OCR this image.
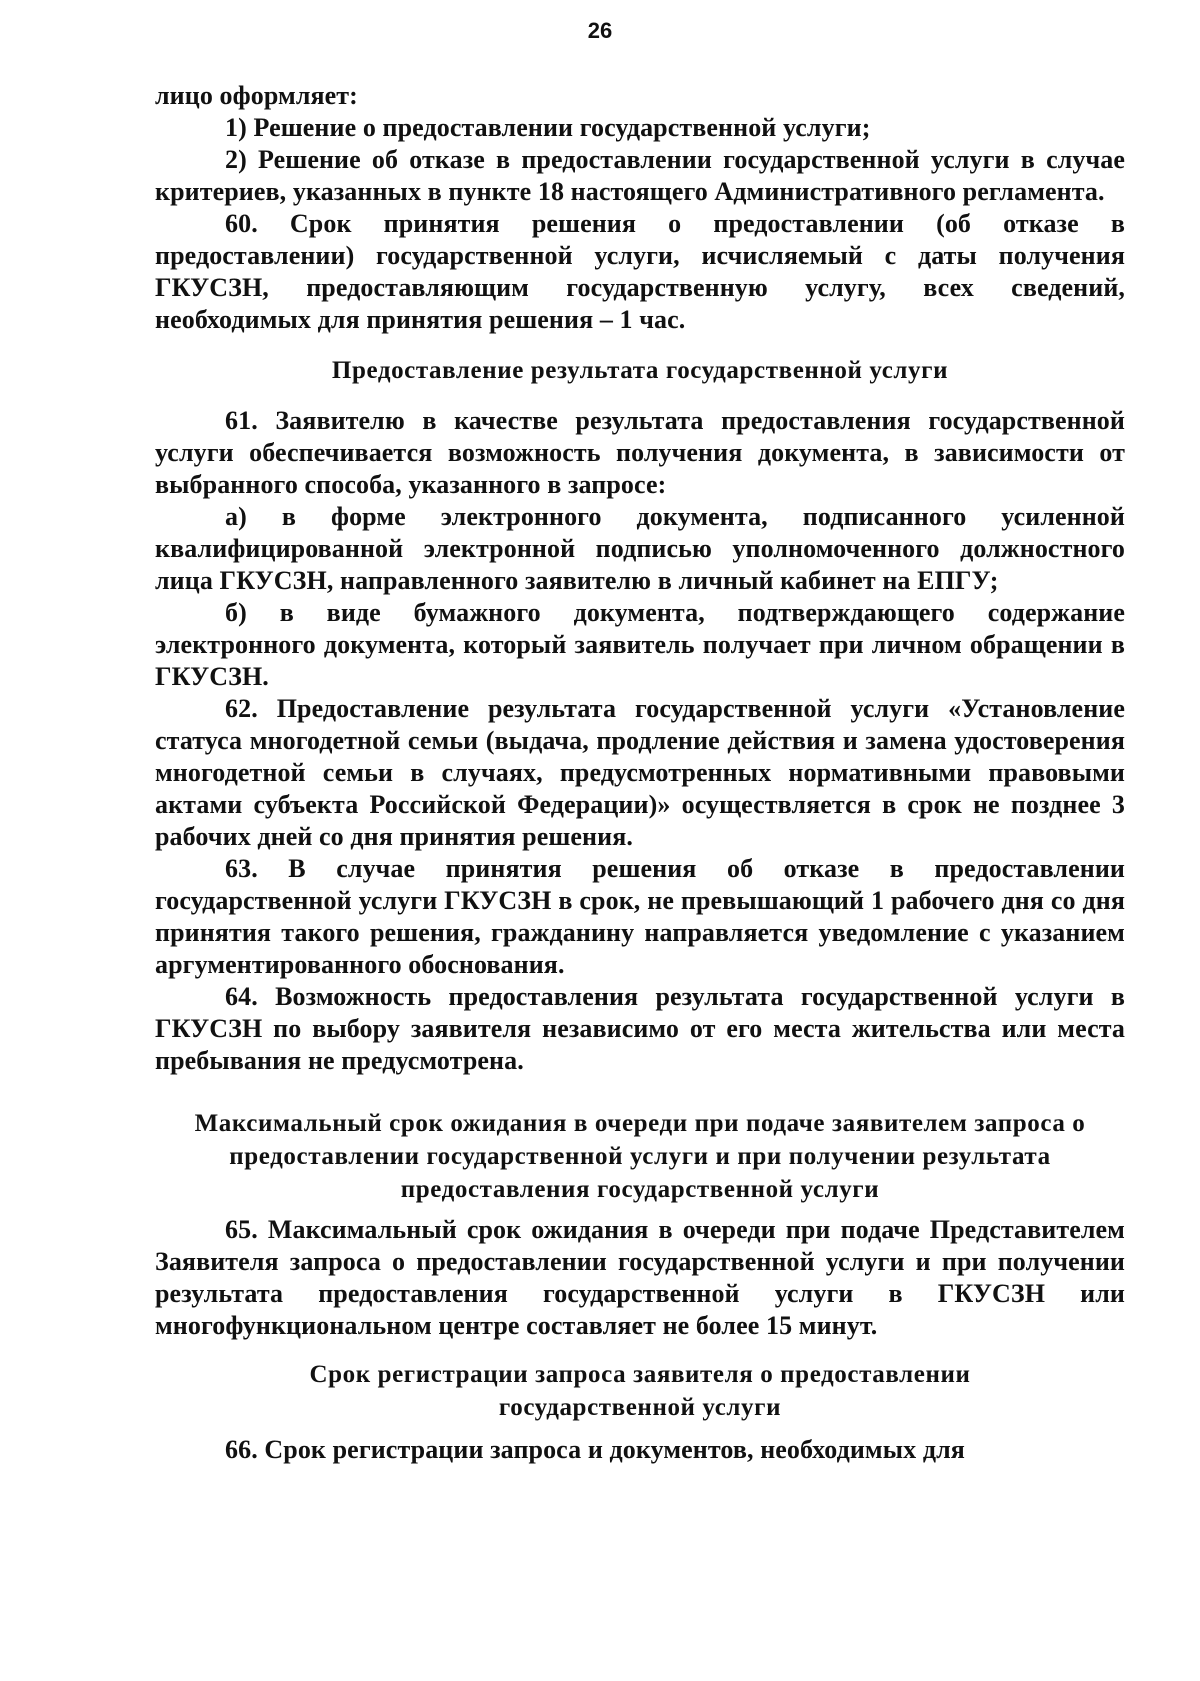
26

лицо оформляет:

1) Решение о предоставлении государственной услуги;

2) Решение об отказе в предоставлении государственной услуги в случае критериев, указанных в пункте 18 настоящего Административного регламента.

60. Срок принятия решения о предоставлении (об отказе в предоставлении) государственной услуги, исчисляемый с даты получения ГКУСЗН, предоставляющим государственную услугу, всех сведений, необходимых для принятия решения – 1 час.

Предоставление результата государственной услуги

61. Заявителю в качестве результата предоставления государственной услуги обеспечивается возможность получения документа, в зависимости от выбранного способа, указанного в запросе:

а) в форме электронного документа, подписанного усиленной квалифицированной электронной подписью уполномоченного должностного лица ГКУСЗН, направленного заявителю в личный кабинет на ЕПГУ;

б) в виде бумажного документа, подтверждающего содержание электронного документа, который заявитель получает при личном обращении в ГКУСЗН.

62. Предоставление результата государственной услуги «Установление статуса многодетной семьи (выдача, продление действия и замена удостоверения многодетной семьи в случаях, предусмотренных нормативными правовыми актами субъекта Российской Федерации)» осуществляется в срок не позднее 3 рабочих дней со дня принятия решения.

63. В случае принятия решения об отказе в предоставлении государственной услуги ГКУСЗН в срок, не превышающий 1 рабочего дня со дня принятия такого решения, гражданину направляется уведомление с указанием аргументированного обоснования.

64. Возможность предоставления результата государственной услуги в ГКУСЗН по выбору заявителя независимо от его места жительства или места пребывания не предусмотрена.

Максимальный срок ожидания в очереди при подаче заявителем запроса о предоставлении государственной услуги и при получении результата предоставления государственной услуги

65. Максимальный срок ожидания в очереди при подаче Представителем Заявителя запроса о предоставлении государственной услуги и при получении результата предоставления государственной услуги в ГКУСЗН или многофункциональном центре составляет не более 15 минут.

Срок регистрации запроса заявителя о предоставлении государственной услуги

66. Срок регистрации запроса и документов, необходимых для
